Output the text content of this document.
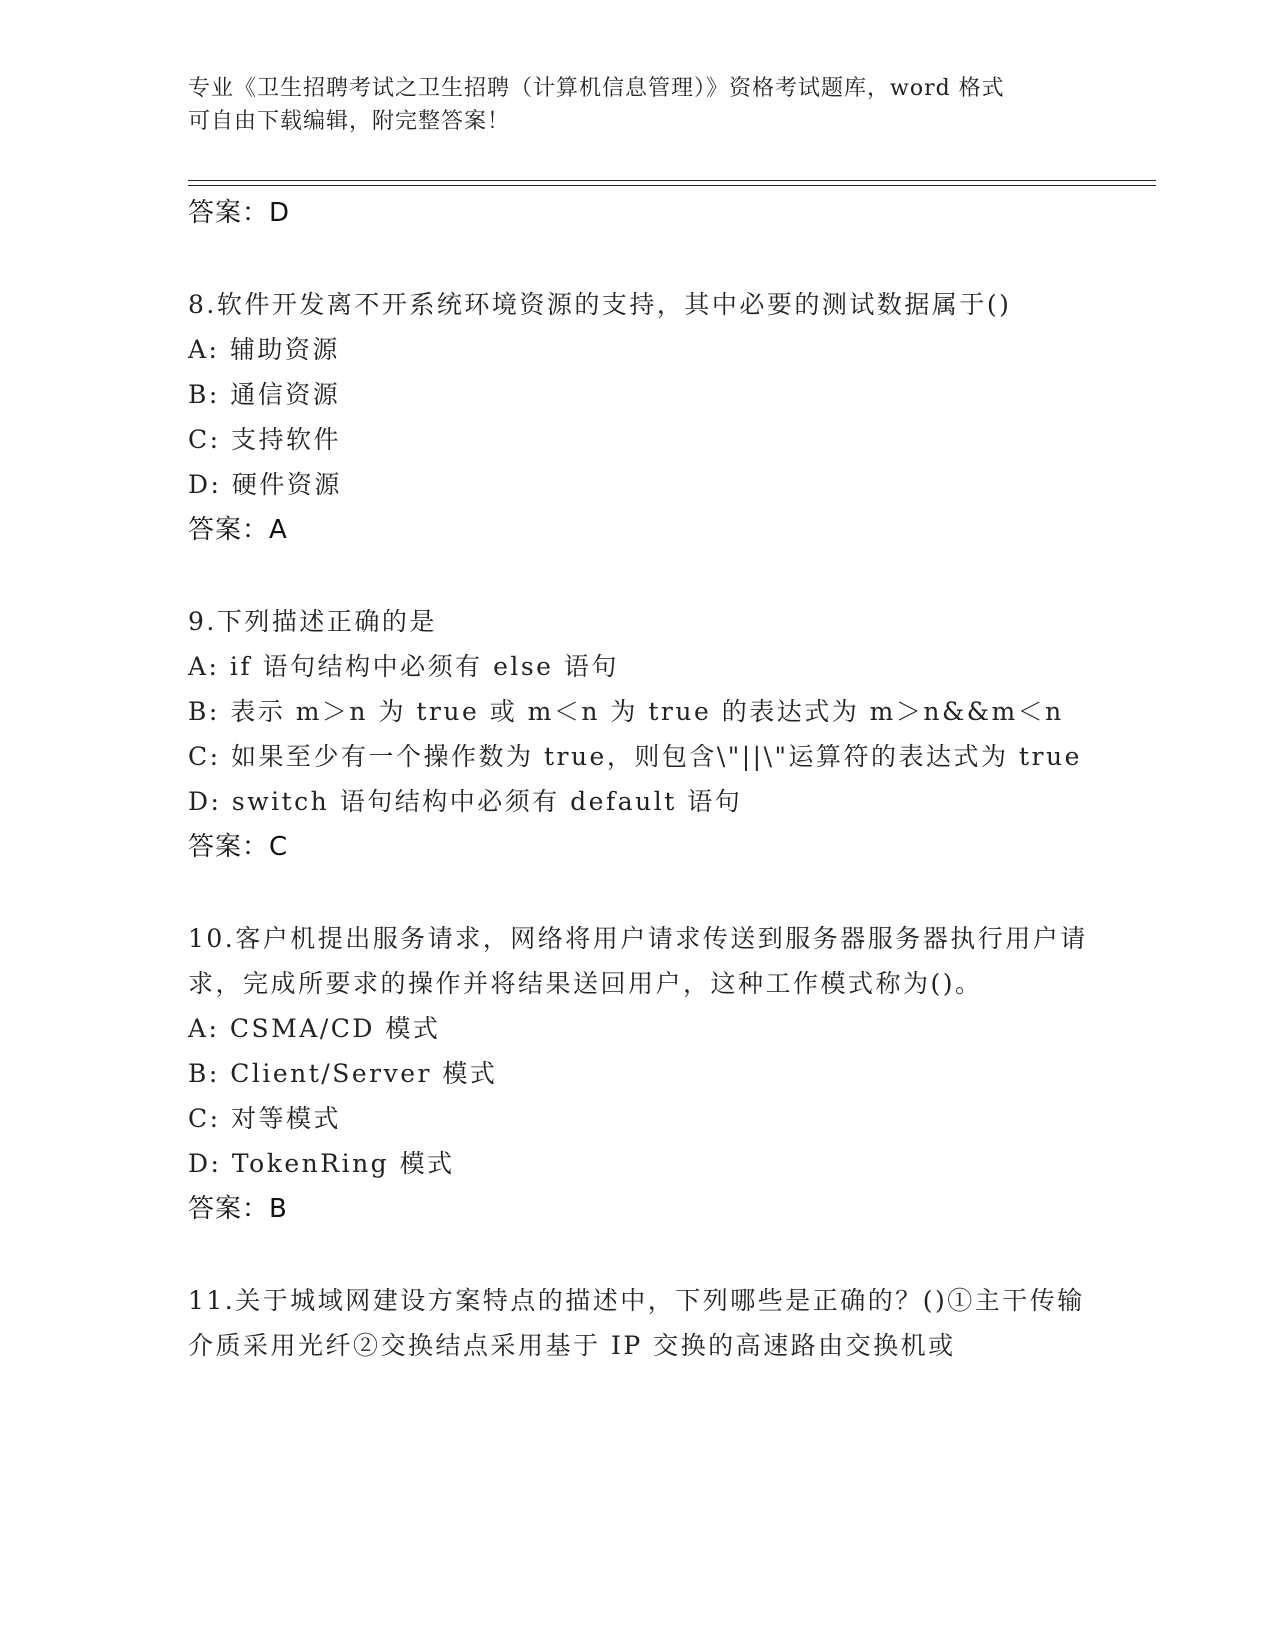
专业《卫生招聘考试之卫生招聘（计算机信息管理）》资格考试题库，word 格式
可自由下载编辑，附完整答案！
答案：D
8.软件开发离不开系统环境资源的支持，其中必要的测试数据属于()
A: 辅助资源
B: 通信资源
C: 支持软件
D: 硬件资源
答案：A
9.下列描述正确的是
A: if 语句结构中必须有 else 语句
B: 表示 m＞n 为 true 或 m＜n 为 true 的表达式为 m＞n&&m＜n
C: 如果至少有一个操作数为 true，则包含\"||\"运算符的表达式为 true
D: switch 语句结构中必须有 default 语句
答案：C
10.客户机提出服务请求，网络将用户请求传送到服务器服务器执行用户请求，完成所要求的操作并将结果送回用户，这种工作模式称为()。
A: CSMA/CD 模式
B: Client/Server 模式
C: 对等模式
D: TokenRing 模式
答案：B
11.关于城域网建设方案特点的描述中，下列哪些是正确的？()①主干传输介质采用光纤②交换结点采用基于 IP 交换的高速路由交换机或
